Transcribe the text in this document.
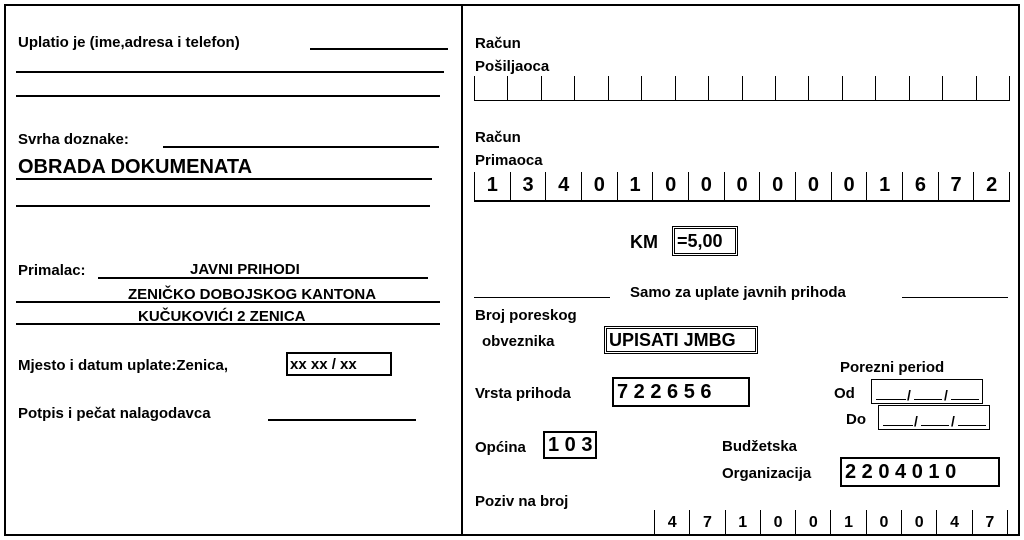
Uplatio je (ime,adresa i telefon)
Svrha doznake:
OBRADA DOKUMENATA
Primalac:	JAVNI PRIHODI
ZENIČKO DOBOJSKOG KANTONA
KUČUKOVIĆI 2 ZENICA
Mjesto i datum uplate:Zenica,	xx xx / xx
Potpis i pečat nalagodavca
Račun
Pošiljaoca
Račun
Primaoca
1	3	4	0	1	0	0	0	0	0	0	1	6	7	2
KM =5,00
Samo za uplate javnih prihoda
Broj poreskog
obveznika	UPISATI JMBG
Porezni period
Vrsta prihoda 7 2 2 6 5 6	Od	/ /
Do	/ /
Općina 1 0 3	Budžetska
Organizacija 2 2 0 4 0 1 0
Poziv na broj
4	7	1	0	0	1	0	0	4	7
